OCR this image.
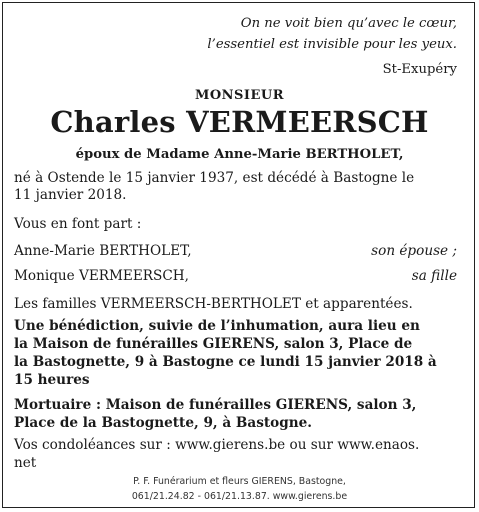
On ne voit bien qu’avec le cœur,
l’essentiel est invisible pour les yeux.
St-Exupéry
MONSIEUR
Charles VERMEERSCH
époux de Madame Anne-Marie BERTHOLET,
né à Ostende le 15 janvier 1937, est décédé à Bastogne le
11 janvier 2018.
Vous en font part :
Anne-Marie BERTHOLET,	son épouse ;
Monique VERMEERSCH,	sa fille
Les familles VERMEERSCH-BERTHOLET et apparentées.
Une bénédiction, suivie de l’inhumation, aura lieu en
la Maison de funérailles GIERENS, salon 3, Place de
la Bastognette, 9 à Bastogne ce lundi 15 janvier 2018 à
15 heures
Mortuaire : Maison de funérailles GIERENS, salon 3,
Place de la Bastognette, 9, à Bastogne.
Vos condoléances sur : www.gierens.be ou sur www.enaos.
net
P. F. Funérarium et fleurs GIERENS, Bastogne,
061/21.24.82 - 061/21.13.87. www.gierens.be
